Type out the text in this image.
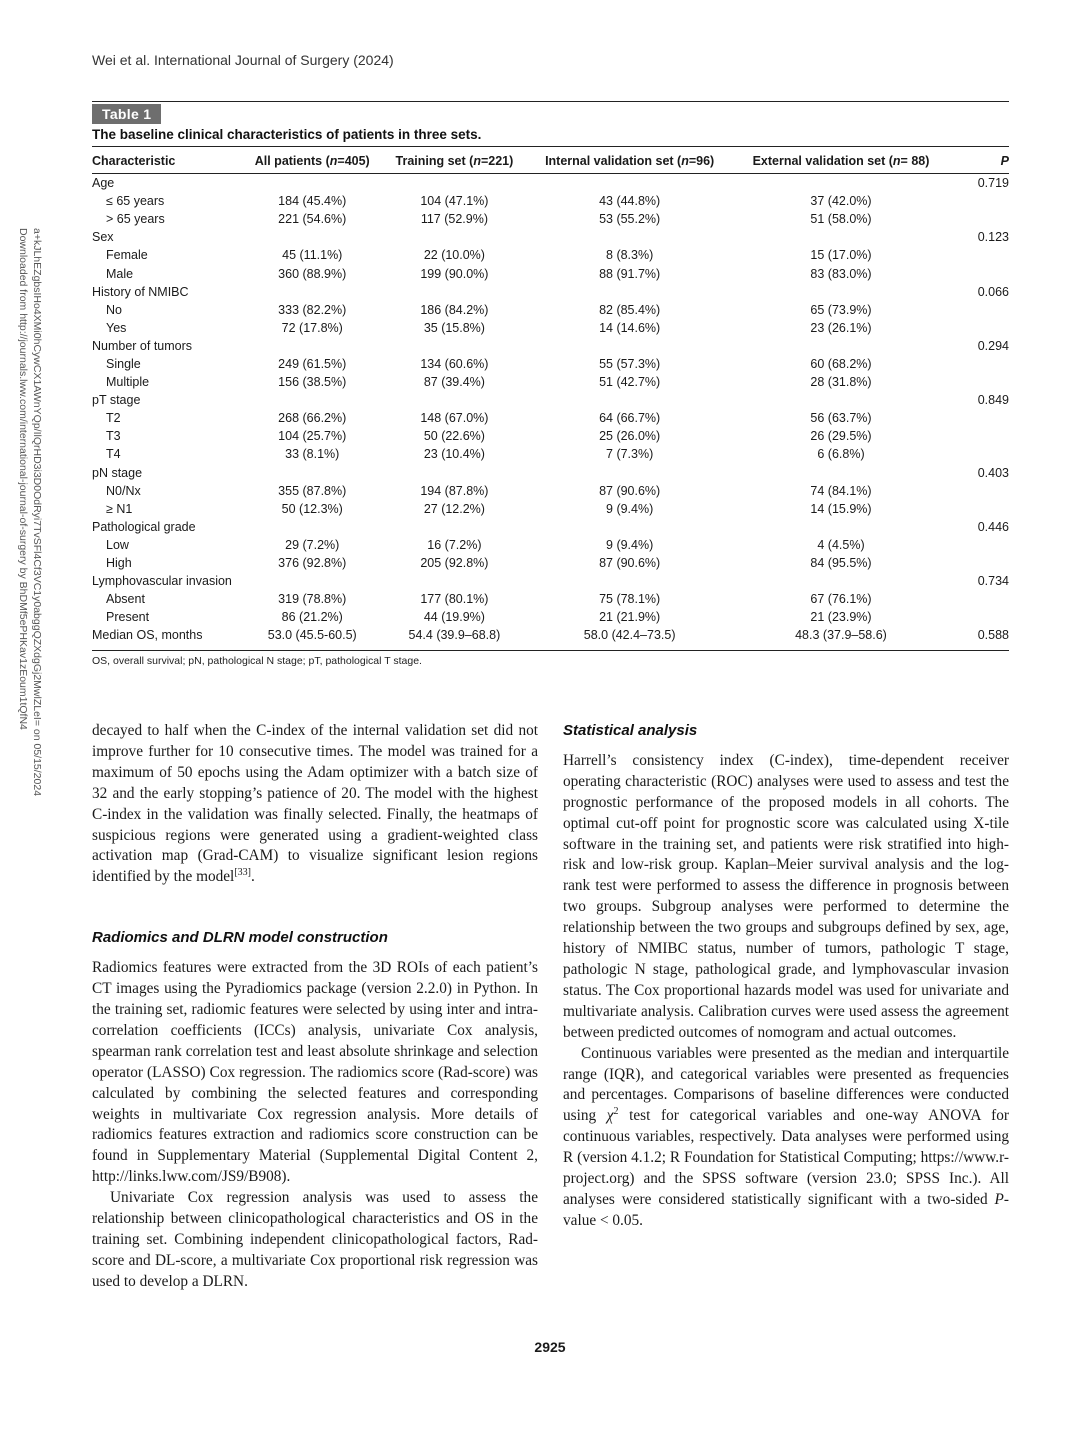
Wei et al. International Journal of Surgery (2024)
Downloaded from http://journals.lww.com/international-journal-of-surgery by BhDMf5ePHKav1zEoum1tQfN4 a+kJLhEZgbsIHo4XMi0hCywCX1AWnYQp/IlQrHD3i3D0OdRyi7TvSFl4Cf3VC1y0abggQZXdgGj2MwlZLeI= on 05/15/2024
Table 1
The baseline clinical characteristics of patients in three sets.
Characteristic	All patients (n=405)	Training set (n=221)	Internal validation set (n=96)	External validation set (n= 88)	P
Age					0.719
≤ 65 years	184 (45.4%)	104 (47.1%)	43 (44.8%)	37 (42.0%)	
> 65 years	221 (54.6%)	117 (52.9%)	53 (55.2%)	51 (58.0%)	
Sex					0.123
Female	45 (11.1%)	22 (10.0%)	8 (8.3%)	15 (17.0%)	
Male	360 (88.9%)	199 (90.0%)	88 (91.7%)	83 (83.0%)	
History of NMIBC					0.066
No	333 (82.2%)	186 (84.2%)	82 (85.4%)	65 (73.9%)	
Yes	72 (17.8%)	35 (15.8%)	14 (14.6%)	23 (26.1%)	
Number of tumors					0.294
Single	249 (61.5%)	134 (60.6%)	55 (57.3%)	60 (68.2%)	
Multiple	156 (38.5%)	87 (39.4%)	51 (42.7%)	28 (31.8%)	
pT stage					0.849
T2	268 (66.2%)	148 (67.0%)	64 (66.7%)	56 (63.7%)	
T3	104 (25.7%)	50 (22.6%)	25 (26.0%)	26 (29.5%)	
T4	33 (8.1%)	23 (10.4%)	7 (7.3%)	6 (6.8%)	
pN stage					0.403
N0/Nx	355 (87.8%)	194 (87.8%)	87 (90.6%)	74 (84.1%)	
≥ N1	50 (12.3%)	27 (12.2%)	9 (9.4%)	14 (15.9%)	
Pathological grade					0.446
Low	29 (7.2%)	16 (7.2%)	9 (9.4%)	4 (4.5%)	
High	376 (92.8%)	205 (92.8%)	87 (90.6%)	84 (95.5%)	
Lymphovascular invasion					0.734
Absent	319 (78.8%)	177 (80.1%)	75 (78.1%)	67 (76.1%)	
Present	86 (21.2%)	44 (19.9%)	21 (21.9%)	21 (23.9%)	
Median OS, months	53.0 (45.5-60.5)	54.4 (39.9–68.8)	58.0 (42.4–73.5)	48.3 (37.9–58.6)	0.588
OS, overall survival; pN, pathological N stage; pT, pathological T stage.

decayed to half when the C-index of the internal validation set did not improve further for 10 consecutive times. The model was trained for a maximum of 50 epochs using the Adam optimizer with a batch size of 32 and the early stopping’s patience of 20. The model with the highest C-index in the validation was finally selected. Finally, the heatmaps of suspicious regions were generated using a gradient-weighted class activation map (Grad-CAM) to visualize significant lesion regions identified by the model[33].

Radiomics and DLRN model construction

Radiomics features were extracted from the 3D ROIs of each patient’s CT images using the Pyradiomics package (version 2.2.0) in Python. In the training set, radiomic features were selected by using inter and intra-correlation coefficients (ICCs) analysis, univariate Cox analysis, spearman rank correlation test and least absolute shrinkage and selection operator (LASSO) Cox regression. The radiomics score (Rad-score) was calculated by combining the selected features and corresponding weights in multivariate Cox regression analysis. More details of radiomics features extraction and radiomics score construction can be found in Supplementary Material (Supplemental Digital Content 2, http://links.lww.com/JS9/B908).

Univariate Cox regression analysis was used to assess the relationship between clinicopathological characteristics and OS in the training set. Combining independent clinicopathological factors, Rad-score and DL-score, a multivariate Cox proportional risk regression was used to develop a DLRN.

Statistical analysis

Harrell’s consistency index (C-index), time-dependent receiver operating characteristic (ROC) analyses were used to assess and test the prognostic performance of the proposed models in all cohorts. The optimal cut-off point for prognostic score was calculated using X-tile software in the training set, and patients were risk stratified into high-risk and low-risk group. Kaplan–Meier survival analysis and the log-rank test were performed to assess the difference in prognosis between two groups. Subgroup analyses were performed to determine the relationship between the two groups and subgroups defined by sex, age, history of NMIBC status, number of tumors, pathologic T stage, pathologic N stage, pathological grade, and lymphovascular invasion status. The Cox proportional hazards model was used for univariate and multivariate analysis. Calibration curves were used assess the agreement between predicted outcomes of nomogram and actual outcomes.

Continuous variables were presented as the median and interquartile range (IQR), and categorical variables were presented as frequencies and percentages. Comparisons of baseline differences were conducted using $\chi^2$ test for categorical variables and one-way ANOVA for continuous variables, respectively. Data analyses were performed using R (version 4.1.2; R Foundation for Statistical Computing; https://www.r-project.org) and the SPSS software (version 23.0; SPSS Inc.). All analyses were considered statistically significant with a two-sided P-value < 0.05.

2925
